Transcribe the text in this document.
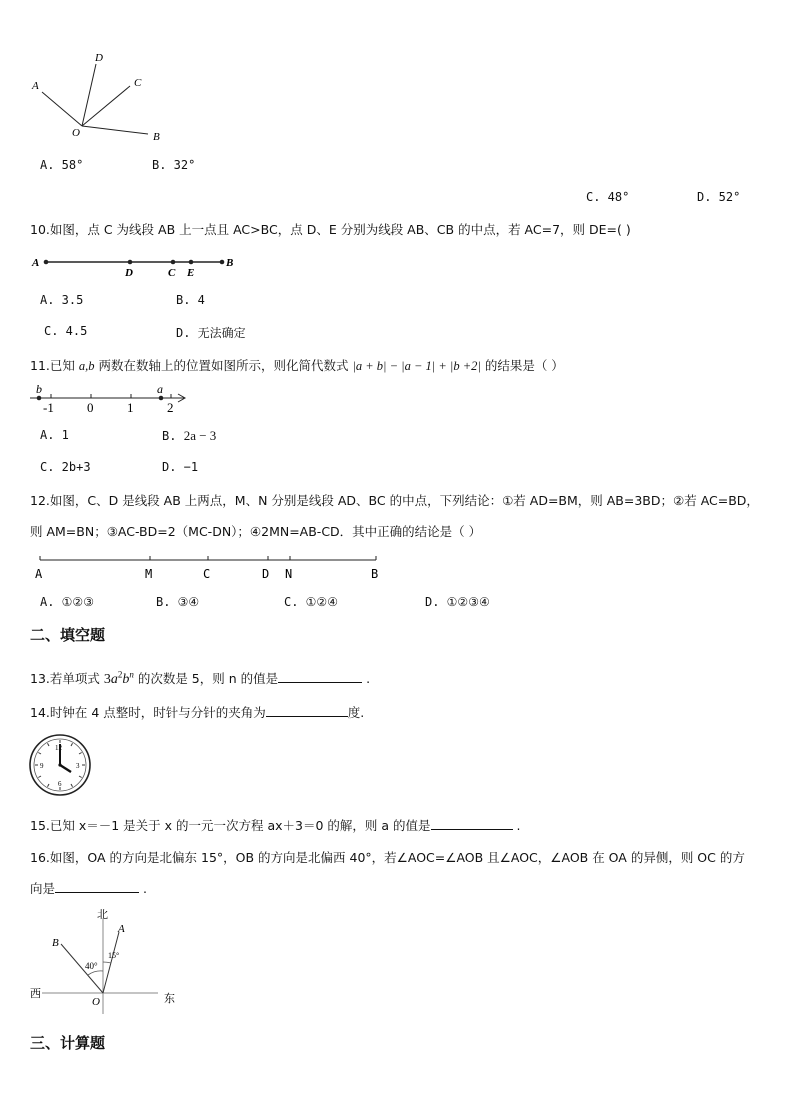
A
D
C
O	B
A. 58°	B. 32°
C. 48°	D. 52°
10.如图，点 C 为线段 AB 上一点且 AC>BC，点 D、E 分别为线段 AB、CB 的中点，若 AC=7，则 DE=( )
A
D	C E
B
A. 3.5	B. 4
C. 4.5	D. 无法确定
11.已知 a,b 两数在数轴上的位置如图所示，则化简代数式 |a + b| − |a − 1| + |b +2| 的结果是（ ）
b	a
-1	0	1	2
A. 1	B. 2a − 3
C. 2b+3	D. −1
12.如图，C、D 是线段 AB 上两点，M、N 分别是线段 AD、BC 的中点，下列结论：①若 AD=BM，则 AB=3BD；②若 AC=BD，
则 AM=BN；③AC-BD=2（MC-DN）；④2MN=AB-CD．其中正确的结论是（ ）
A	M	C	D N	B
A. ①②③	B. ③④	C. ①②④	D. ①②③④
二、填空题
13.若单项式 $3a^2b^n$ 的次数是 5，则 n 的值是	.
14.时钟在 4 点整时，时针与分针的夹角为	度.
12
3
6
9
15.已知 x＝－1 是关于 x 的一元一次方程 ax＋3＝0 的解，则 a 的值是	.
16.如图，OA 的方向是北偏东 15°，OB 的方向是北偏西 40°，若∠AOC=∠AOB 且∠AOC，∠AOB 在 OA 的异侧，则 OC 的方
向是	.
北
西	东
A
B
O
40°
15°
三、计算题
